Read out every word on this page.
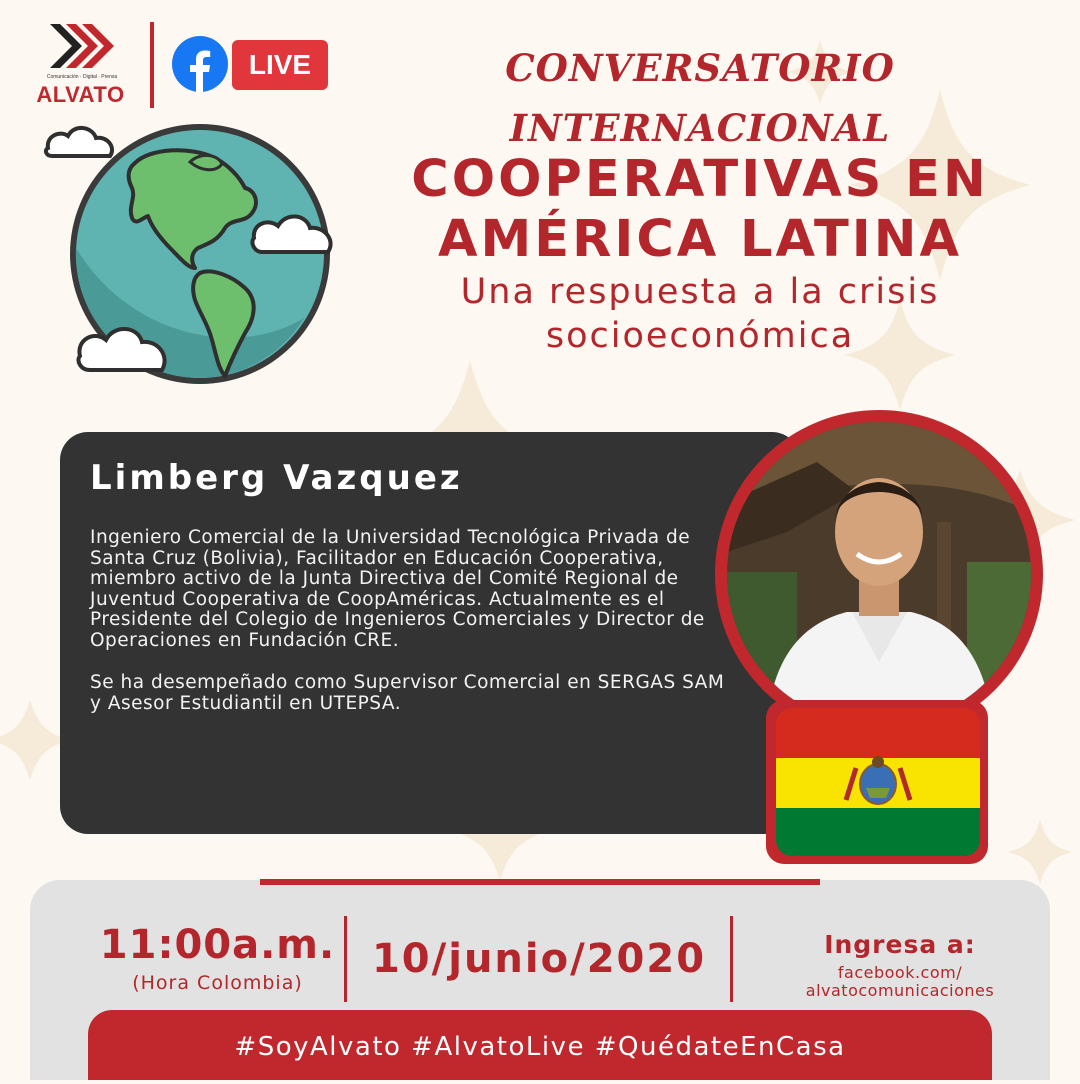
Comunicación · Digital · Prensa
ALVATO
LIVE	CONVERSATORIO INTERNACIONAL
COOPERATIVAS EN
AMÉRICA LATINA
Una respuesta a la crisis
socioeconómica
Limberg Vazquez

Ingeniero Comercial de la Universidad Tecnológica Privada de Santa Cruz (Bolivia), Facilitador en Educación Cooperativa, miembro activo de la Junta Directiva del Comité Regional de Juventud Cooperativa de CoopAméricas. Actualmente es el Presidente del Colegio de Ingenieros Comerciales y Director de Operaciones en Fundación CRE.

Se ha desempeñado como Supervisor Comercial en SERGAS SAM y Asesor Estudiantil en UTEPSA.

11:00a.m.
(Hora Colombia)
10/junio/2020	Ingresa a:
facebook.com/
alvatocomunicaciones
#SoyAlvato #AlvatoLive #QuédateEnCasa
